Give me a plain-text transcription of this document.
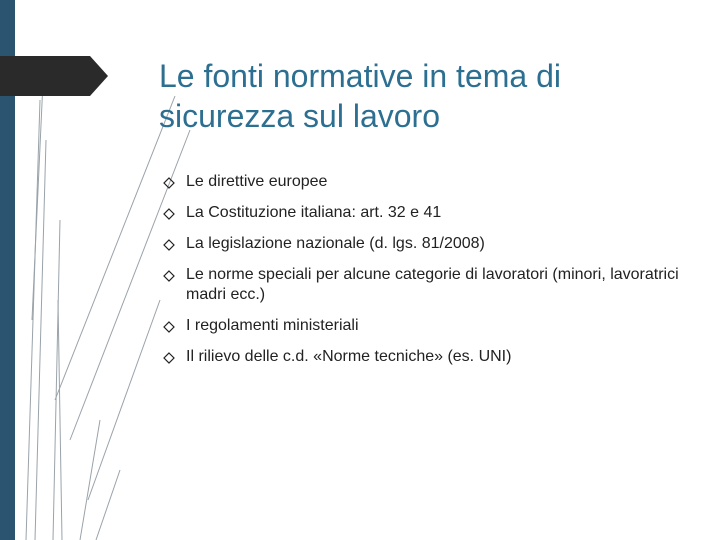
Le fonti normative in tema di sicurezza sul lavoro
Le direttive europee
La Costituzione italiana: art. 32 e 41
La legislazione nazionale (d. lgs. 81/2008)
Le norme speciali per alcune categorie di lavoratori (minori, lavoratrici madri ecc.)
I regolamenti ministeriali
Il rilievo delle c.d. «Norme tecniche» (es. UNI)
